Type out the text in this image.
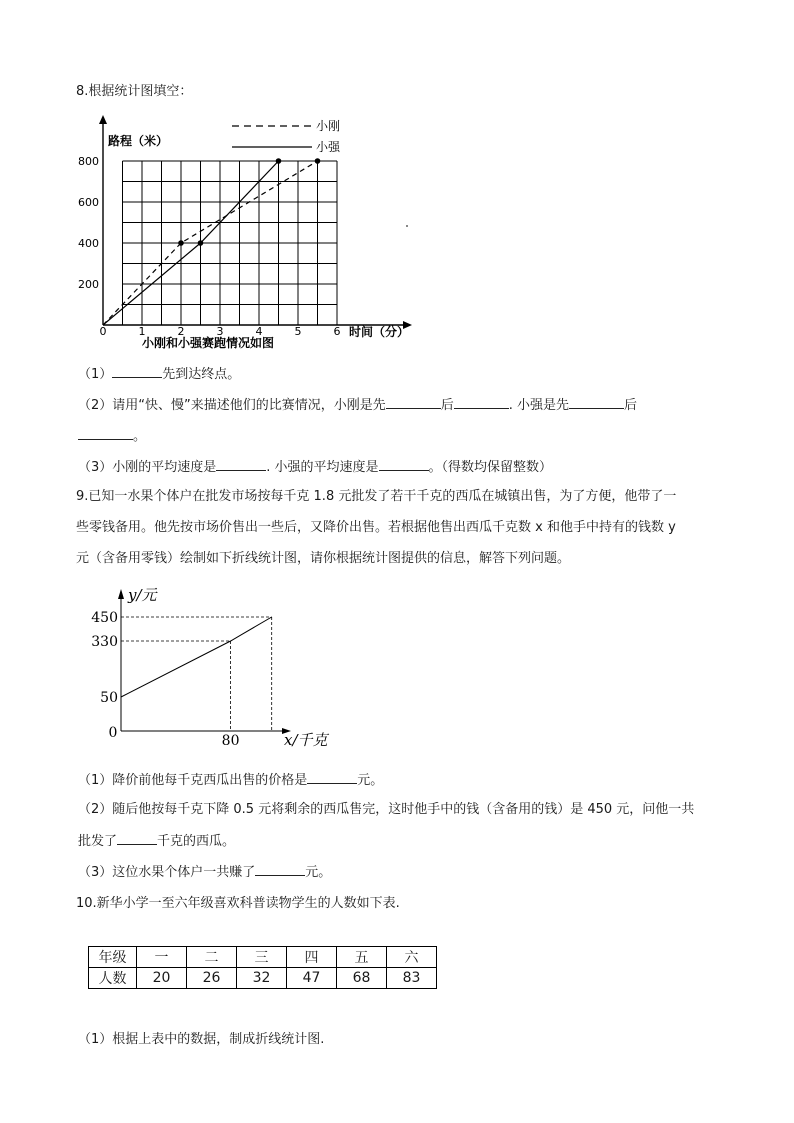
8.根据统计图填空：
路程（米）
时间（分）
小刚和小强赛跑情况如图
小刚
小强
0	1	2	3	4	5	6
200
400
600
800
（1）	先到达终点。
（2）请用“快、慢”来描述他们的比赛情况，小刚是先	后	. 小强是先	后
。
（3）小刚的平均速度是	. 小强的平均速度是	。（得数均保留整数）
9.已知一水果个体户在批发市场按每千克 1.8 元批发了若干千克的西瓜在城镇出售，为了方便，他带了一
些零钱备用。他先按市场价售出一些后，又降价出售。若根据他售出西瓜千克数 x 和他手中持有的钱数 y
元（含备用零钱）绘制如下折线统计图，请你根据统计图提供的信息，解答下列问题。
y/元
x/千克
50
330
450
0	80
（1）降价前他每千克西瓜出售的价格是	元。
（2）随后他按每千克下降 0.5 元将剩余的西瓜售完，这时他手中的钱（含备用的钱）是 450 元，问他一共
批发了	千克的西瓜。
（3）这位水果个体户一共赚了	元。
10.新华小学一至六年级喜欢科普读物学生的人数如下表.
年级	一	二	三	四	五	六
人数	20	26	32	47	68	83
（1）根据上表中的数据，制成折线统计图.
